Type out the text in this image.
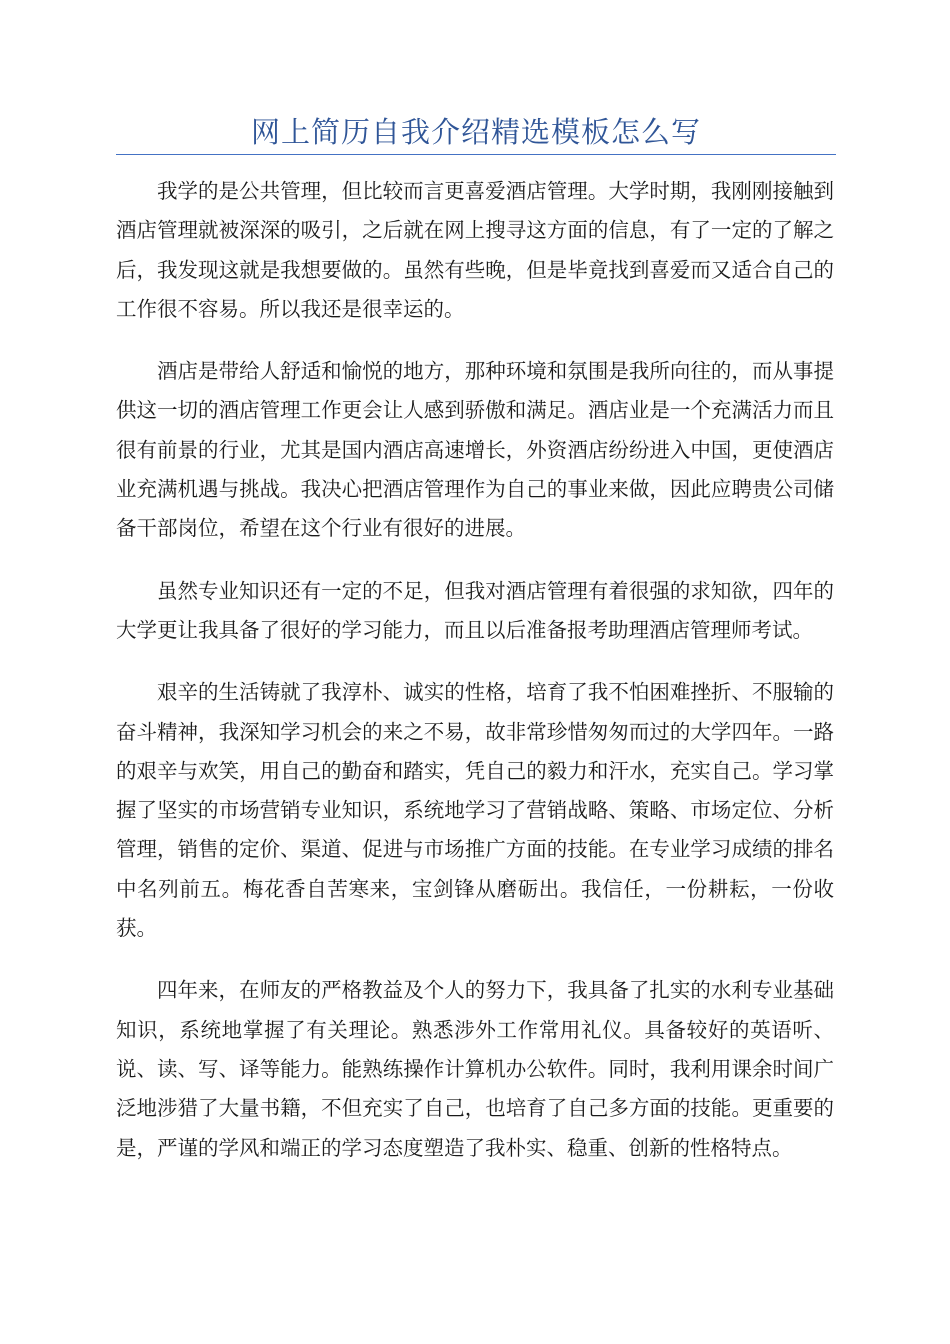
网上简历自我介绍精选模板怎么写

我学的是公共管理，但比较而言更喜爱酒店管理。大学时期，我刚刚接触到酒店管理就被深深的吸引，之后就在网上搜寻这方面的信息，有了一定的了解之后，我发现这就是我想要做的。虽然有些晚，但是毕竟找到喜爱而又适合自己的工作很不容易。所以我还是很幸运的。

酒店是带给人舒适和愉悦的地方，那种环境和氛围是我所向往的，而从事提供这一切的酒店管理工作更会让人感到骄傲和满足。酒店业是一个充满活力而且很有前景的行业，尤其是国内酒店高速增长，外资酒店纷纷进入中国，更使酒店业充满机遇与挑战。我决心把酒店管理作为自己的事业来做，因此应聘贵公司储备干部岗位，希望在这个行业有很好的进展。

虽然专业知识还有一定的不足，但我对酒店管理有着很强的求知欲，四年的大学更让我具备了很好的学习能力，而且以后准备报考助理酒店管理师考试。

艰辛的生活铸就了我淳朴、诚实的性格，培育了我不怕困难挫折、不服输的奋斗精神，我深知学习机会的来之不易，故非常珍惜匆匆而过的大学四年。一路的艰辛与欢笑，用自己的勤奋和踏实，凭自己的毅力和汗水，充实自己。学习掌握了坚实的市场营销专业知识，系统地学习了营销战略、策略、市场定位、分析管理，销售的定价、渠道、促进与市场推广方面的技能。在专业学习成绩的排名中名列前五。梅花香自苦寒来，宝剑锋从磨砺出。我信任，一份耕耘，一份收获。

四年来，在师友的严格教益及个人的努力下，我具备了扎实的水利专业基础知识，系统地掌握了有关理论。熟悉涉外工作常用礼仪。具备较好的英语听、说、读、写、译等能力。能熟练操作计算机办公软件。同时，我利用课余时间广泛地涉猎了大量书籍，不但充实了自己，也培育了自己多方面的技能。更重要的是，严谨的学风和端正的学习态度塑造了我朴实、稳重、创新的性格特点。
